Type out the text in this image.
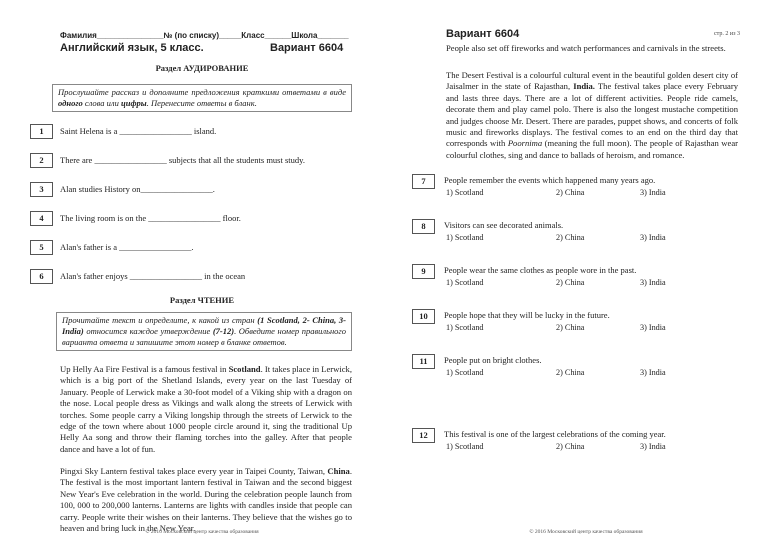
Фамилия_______________№ (по списку)_____Класс______Школа_______
Английский язык, 5 класс.	Вариант 6604
Раздел АУДИРОВАНИЕ
Прослушайте рассказ и дополните предложения краткими ответами в виде одного слова или цифры. Перенесите ответы в бланк.
1	Saint Helena is a _________________ island.
2	There are _________________ subjects that all the students must study.
3	Alan studies History on_________________.
4	The living room is on the _________________ floor.
5	Alan's father is a _________________.
6	Alan's father enjoys _________________ in the ocean
Раздел ЧТЕНИЕ
Прочитайте текст и определите, к какой из стран (1 Scotland, 2- China, 3-India) относится каждое утверждение (7-12). Обведите номер правильного варианта ответа и запишите этот номер в бланке ответов.
Up Helly Aa Fire Festival is a famous festival in Scotland. It takes place in Lerwick, which is a big port of the Shetland Islands, every year on the last Tuesday of January. People of Lerwick make a 30-foot model of a Viking ship with a dragon on the nose. Local people dress as Vikings and walk along the streets of Lerwick with torches. Some people carry a Viking longship through the streets of Lerwick to the edge of the town where about 1000 people circle around it, sing the traditional Up Helly Aa song and throw their flaming torches into the galley. After that people dance and have a lot of fun.
Pingxi Sky Lantern festival takes place every year in Taipei County, Taiwan, China. The festival is the most important lantern festival in Taiwan and the second biggest New Year's Eve celebration in the world. During the celebration people launch from 100, 000 to 200,000 lanterns. Lanterns are lights with candles inside that people can carry. People write their wishes on their lanterns. They believe that the wishes go to heaven and bring luck in the New Year.
© 2016 Московский центр качества образования
Вариант 6604	стр. 2 из 3
People also set off fireworks and watch performances and carnivals in the streets.
The Desert Festival is a colourful cultural event in the beautiful golden desert city of Jaisalmer in the state of Rajasthan, India. The festival takes place every February and lasts three days. There are a lot of different activities. People ride camels, decorate them and play camel polo. There is also the longest mustache competition and judges choose Mr. Desert. There are parades, puppet shows, and concerts of folk music and fireworks displays. The festival comes to an end on the third day that corresponds with Poornima (meaning the full moon). The people of Rajasthan wear colourful clothes, sing and dance to ballads of heroism, and romance.
7	People remember the events which happened many years ago.
1) Scotland	2) China	3) India
8	Visitors can see decorated animals.
1) Scotland	2) China	3) India
9	People wear the same clothes as people wore in the past.
1) Scotland	2) China	3) India
10	People hope that they will be lucky in the future.
1) Scotland	2) China	3) India
11	People put on bright clothes.
1) Scotland	2) China	3) India
12	This festival is one of the largest celebrations of the coming year.
1) Scotland	2) China	3) India
© 2016 Московский центр качества образования
